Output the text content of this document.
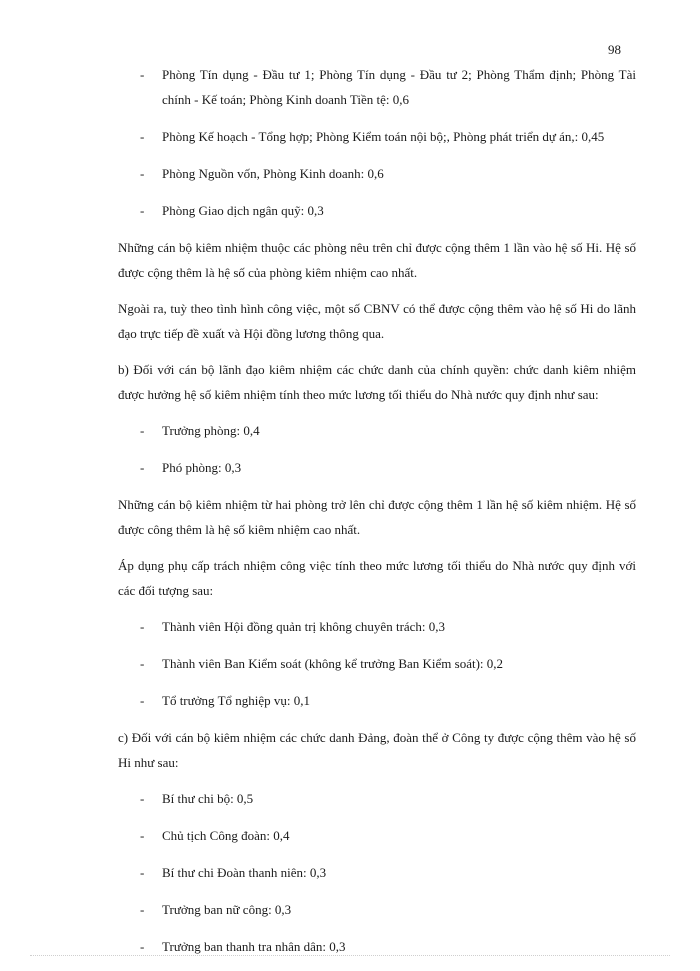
98
- Phòng Tín dụng - Đầu tư 1; Phòng Tín dụng - Đầu tư 2; Phòng Thẩm định; Phòng Tài chính - Kế toán; Phòng Kinh doanh Tiền tệ: 0,6
- Phòng Kế hoạch - Tổng hợp; Phòng Kiểm toán nội bộ;, Phòng phát triển dự án,: 0,45
- Phòng Nguồn vốn, Phòng Kinh doanh: 0,6
- Phòng Giao dịch ngân quỹ: 0,3

Những cán bộ kiêm nhiệm thuộc các phòng nêu trên chỉ được cộng thêm 1 lần vào hệ số Hi. Hệ số được cộng thêm là hệ số của phòng kiêm nhiệm cao nhất.

Ngoài ra, tuỳ theo tình hình công việc, một số CBNV có thể được cộng thêm vào hệ số Hi do lãnh đạo trực tiếp đề xuất và Hội đồng lương thông qua.

b) Đối với cán bộ lãnh đạo kiêm nhiệm các chức danh của chính quyền: chức danh kiêm nhiệm được hưởng hệ số kiêm nhiệm tính theo mức lương tối thiểu do Nhà nước quy định như sau:

- Trưởng phòng: 0,4
- Phó phòng: 0,3

Những cán bộ kiêm nhiệm từ hai phòng trở lên chỉ được cộng thêm 1 lần hệ số kiêm nhiệm. Hệ số được công thêm là hệ số kiêm nhiệm cao nhất.

Áp dụng phụ cấp trách nhiệm công việc tính theo mức lương tối thiểu do Nhà nước quy định với các đối tượng sau:

- Thành viên Hội đồng quản trị không chuyên trách: 0,3
- Thành viên Ban Kiểm soát (không kể trưởng Ban Kiểm soát): 0,2
- Tổ trưởng Tổ nghiệp vụ: 0,1

c) Đối với cán bộ kiêm nhiệm các chức danh Đảng, đoàn thể ở Công ty được cộng thêm vào hệ số Hi như sau:

- Bí thư chi bộ: 0,5
- Chủ tịch Công đoàn: 0,4
- Bí thư chi Đoàn thanh niên: 0,3
- Trưởng ban nữ công: 0,3
- Trưởng ban thanh tra nhân dân: 0,3
